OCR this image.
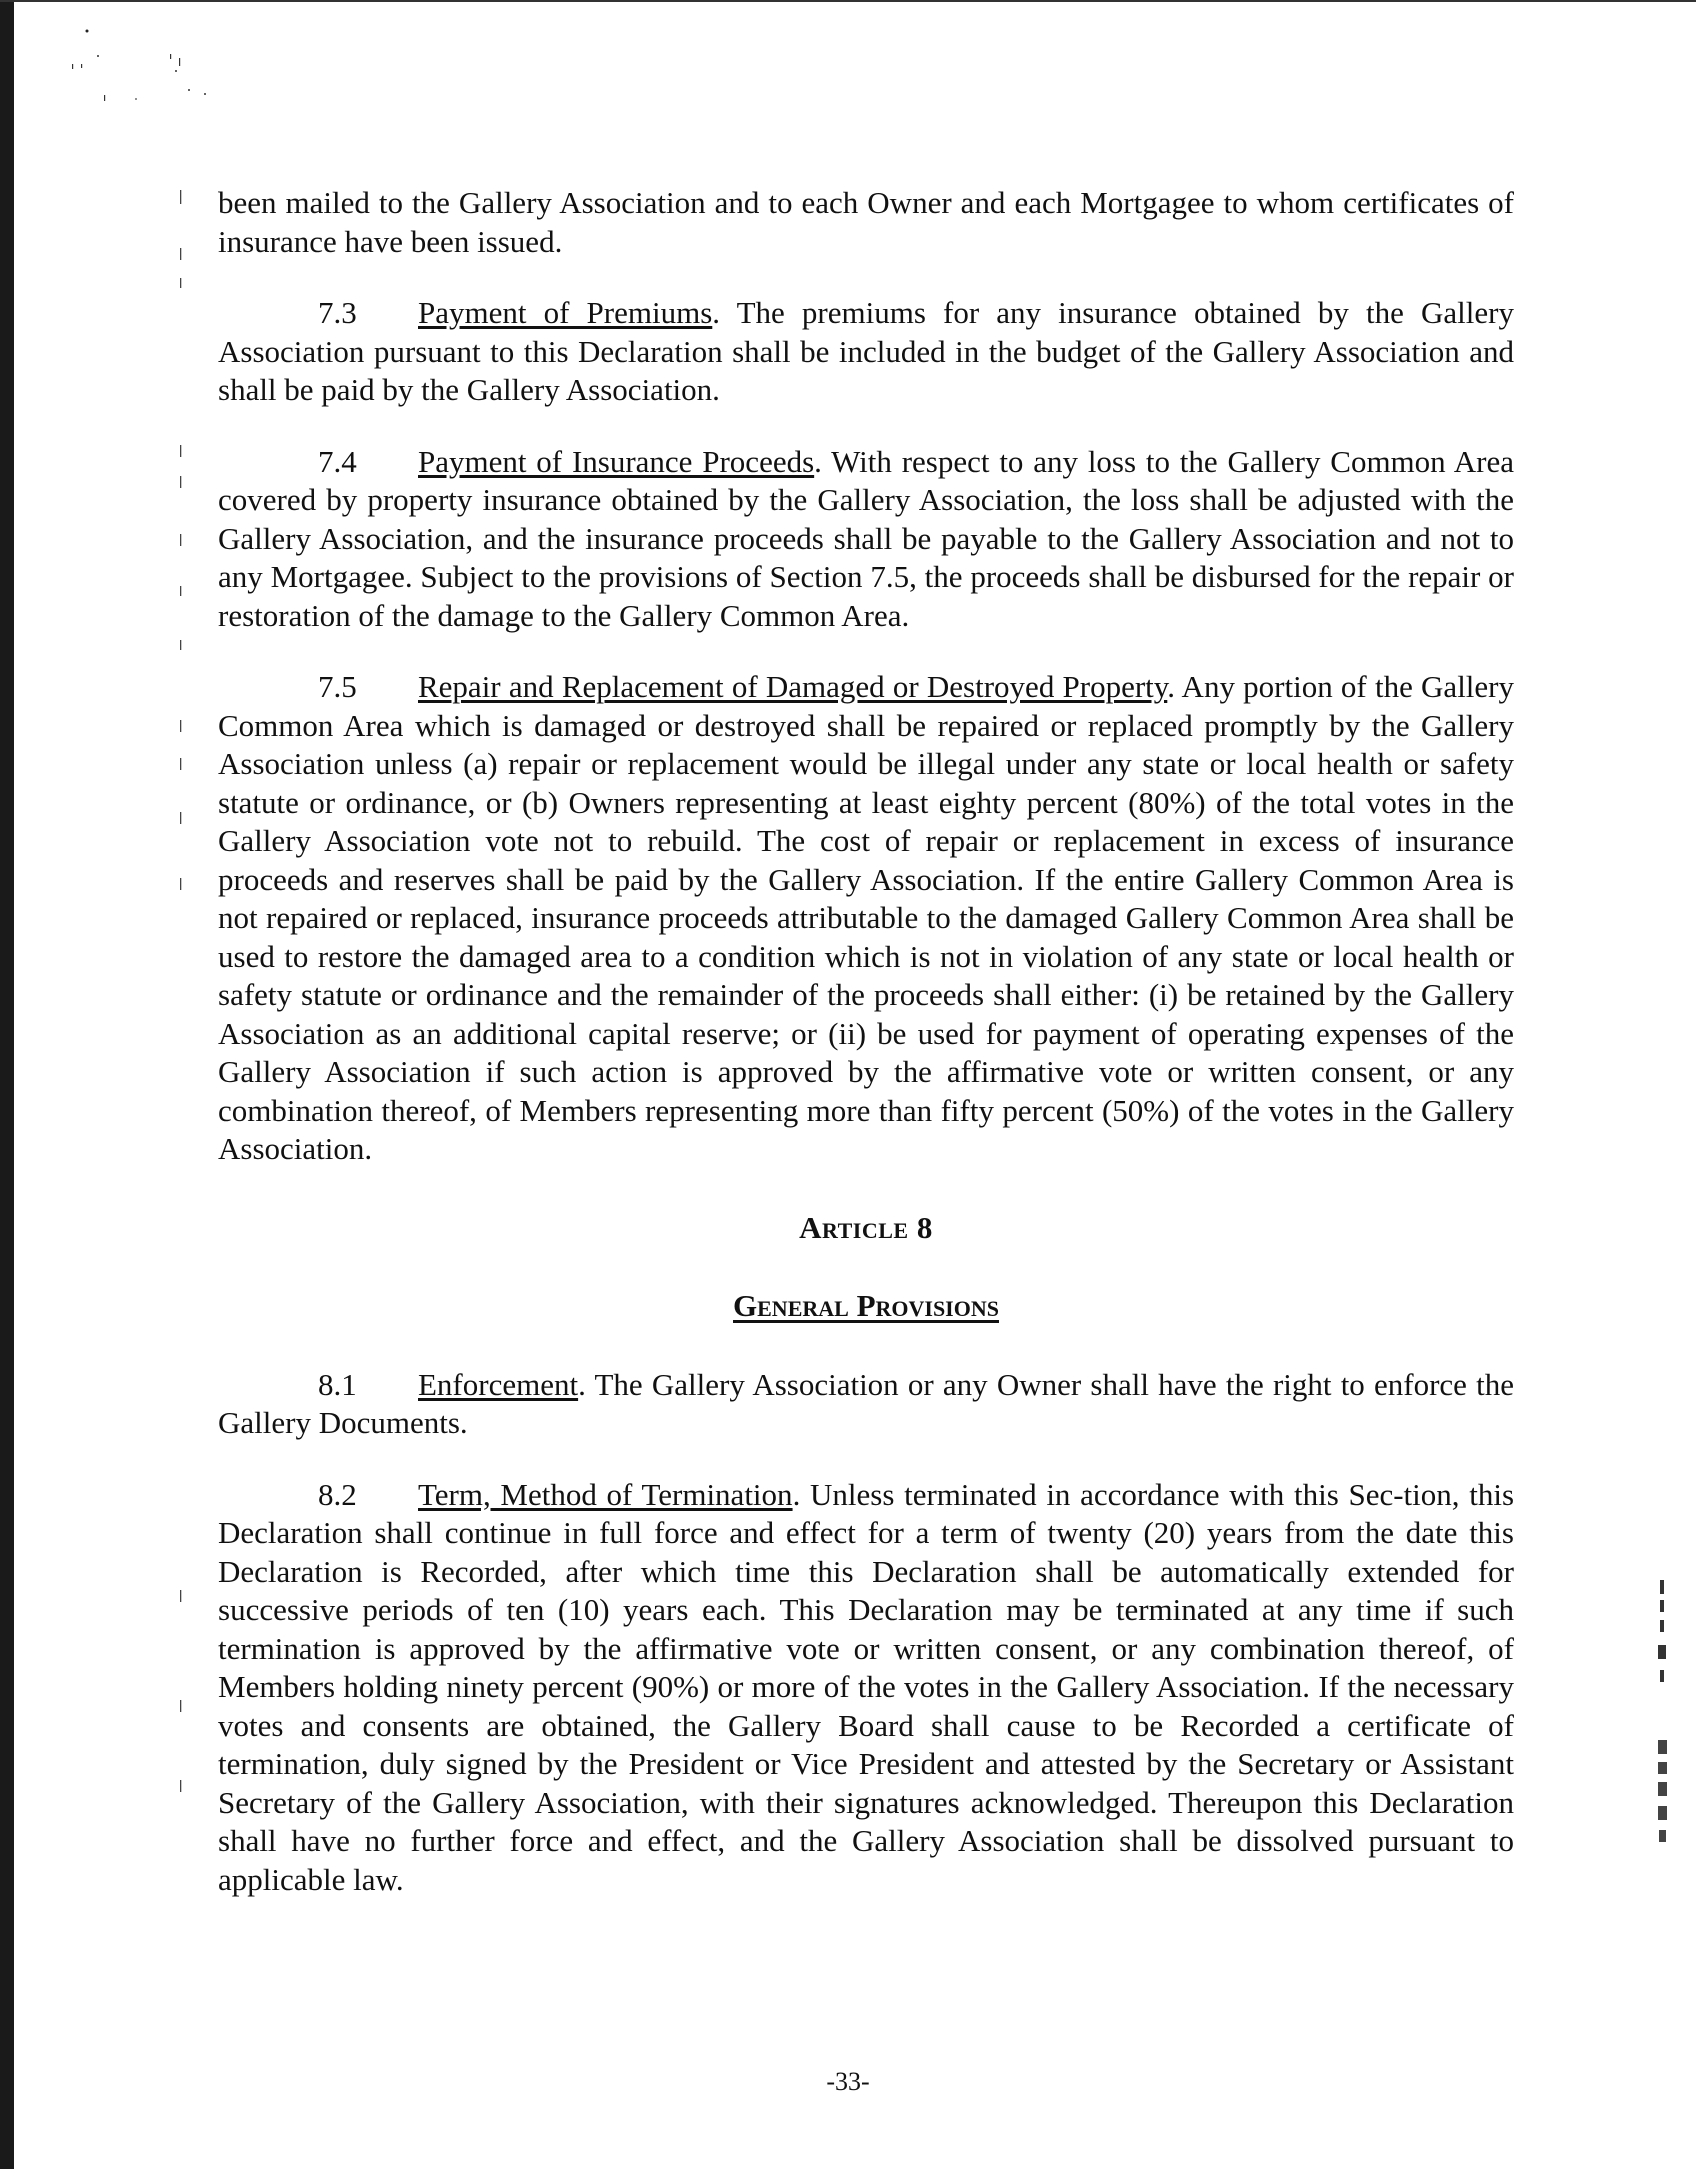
been mailed to the Gallery Association and to each Owner and each Mortgagee to whom certificates of insurance have been issued.

7.3 Payment of Premiums. The premiums for any insurance obtained by the Gallery Association pursuant to this Declaration shall be included in the budget of the Gallery Association and shall be paid by the Gallery Association.

7.4 Payment of Insurance Proceeds. With respect to any loss to the Gallery Common Area covered by property insurance obtained by the Gallery Association, the loss shall be adjusted with the Gallery Association, and the insurance proceeds shall be payable to the Gallery Association and not to any Mortgagee. Subject to the provisions of Section 7.5, the proceeds shall be disbursed for the repair or restoration of the damage to the Gallery Common Area.

7.5 Repair and Replacement of Damaged or Destroyed Property. Any portion of the Gallery Common Area which is damaged or destroyed shall be repaired or replaced promptly by the Gallery Association unless (a) repair or replacement would be illegal under any state or local health or safety statute or ordinance, or (b) Owners representing at least eighty percent (80%) of the total votes in the Gallery Association vote not to rebuild. The cost of repair or replacement in excess of insurance proceeds and reserves shall be paid by the Gallery Association. If the entire Gallery Common Area is not repaired or replaced, insurance proceeds attributable to the damaged Gallery Common Area shall be used to restore the damaged area to a condition which is not in violation of any state or local health or safety statute or ordinance and the remainder of the proceeds shall either: (i) be retained by the Gallery Association as an additional capital reserve; or (ii) be used for payment of operating expenses of the Gallery Association if such action is approved by the affirmative vote or written consent, or any combination thereof, of Members representing more than fifty percent (50%) of the votes in the Gallery Association.

Article 8
General Provisions

8.1 Enforcement. The Gallery Association or any Owner shall have the right to enforce the Gallery Documents.

8.2 Term, Method of Termination. Unless terminated in accordance with this Sec-tion, this Declaration shall continue in full force and effect for a term of twenty (20) years from the date this Declaration is Recorded, after which time this Declaration shall be automatically extended for successive periods of ten (10) years each. This Declaration may be terminated at any time if such termination is approved by the affirmative vote or written consent, or any combination thereof, of Members holding ninety percent (90%) or more of the votes in the Gallery Association. If the necessary votes and consents are obtained, the Gallery Board shall cause to be Recorded a certificate of termination, duly signed by the President or Vice President and attested by the Secretary or Assistant Secretary of the Gallery Association, with their signatures acknowledged. Thereupon this Declaration shall have no further force and effect, and the Gallery Association shall be dissolved pursuant to applicable law.

-33-
